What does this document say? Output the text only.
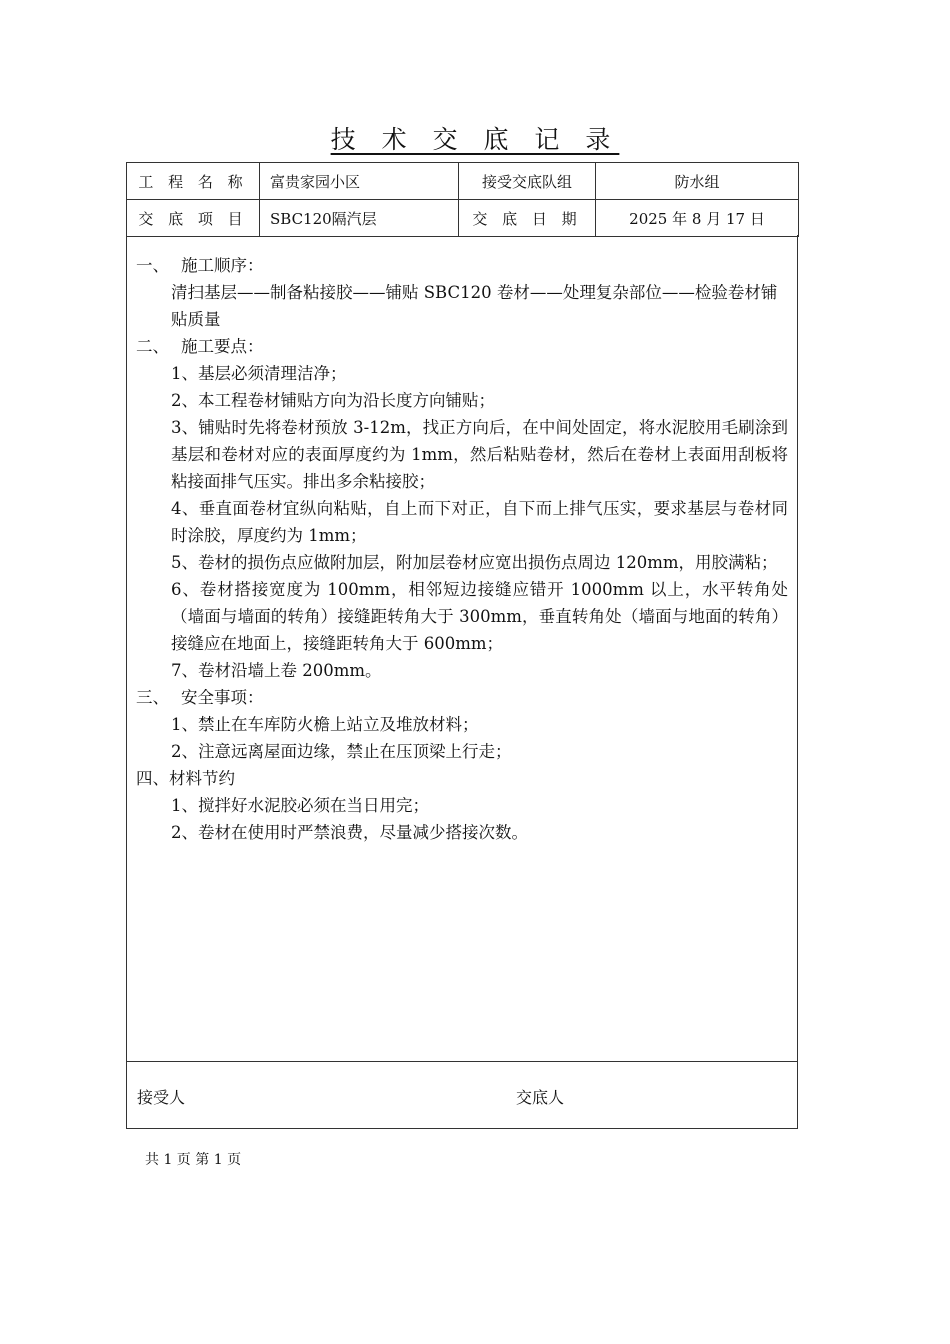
技 术 交 底 记 录
工 程 名 称	富贵家园小区	接受交底队组	防水组
交 底 项 目	SBC120隔汽层	交 底 日 期	2025 年 8 月 17 日

一、 施工顺序：

清扫基层——制备粘接胶——铺贴 SBC120 卷材——处理复杂部位——检验卷材铺贴质量

二、 施工要点：

1、基层必须清理洁净；

2、本工程卷材铺贴方向为沿长度方向铺贴；

3、铺贴时先将卷材预放 3-12m，找正方向后，在中间处固定，将水泥胶用毛刷涂到基层和卷材对应的表面厚度约为 1mm，然后粘贴卷材，然后在卷材上表面用刮板将粘接面排气压实。排出多余粘接胶；

4、垂直面卷材宜纵向粘贴，自上而下对正，自下而上排气压实，要求基层与卷材同时涂胶，厚度约为 1mm；

5、卷材的损伤点应做附加层，附加层卷材应宽出损伤点周边 120mm，用胶满粘；

6、卷材搭接宽度为 100mm，相邻短边接缝应错开 1000mm 以上，水平转角处（墙面与墙面的转角）接缝距转角大于 300mm，垂直转角处（墙面与地面的转角）接缝应在地面上，接缝距转角大于 600mm；

7、卷材沿墙上卷 200mm。

三、 安全事项：

1、禁止在车库防火檐上站立及堆放材料；

2、注意远离屋面边缘，禁止在压顶梁上行走；

四、材料节约

1、搅拌好水泥胶必须在当日用完；

2、卷材在使用时严禁浪费，尽量减少搭接次数。

接受人	交底人
共 1 页 第 1 页
